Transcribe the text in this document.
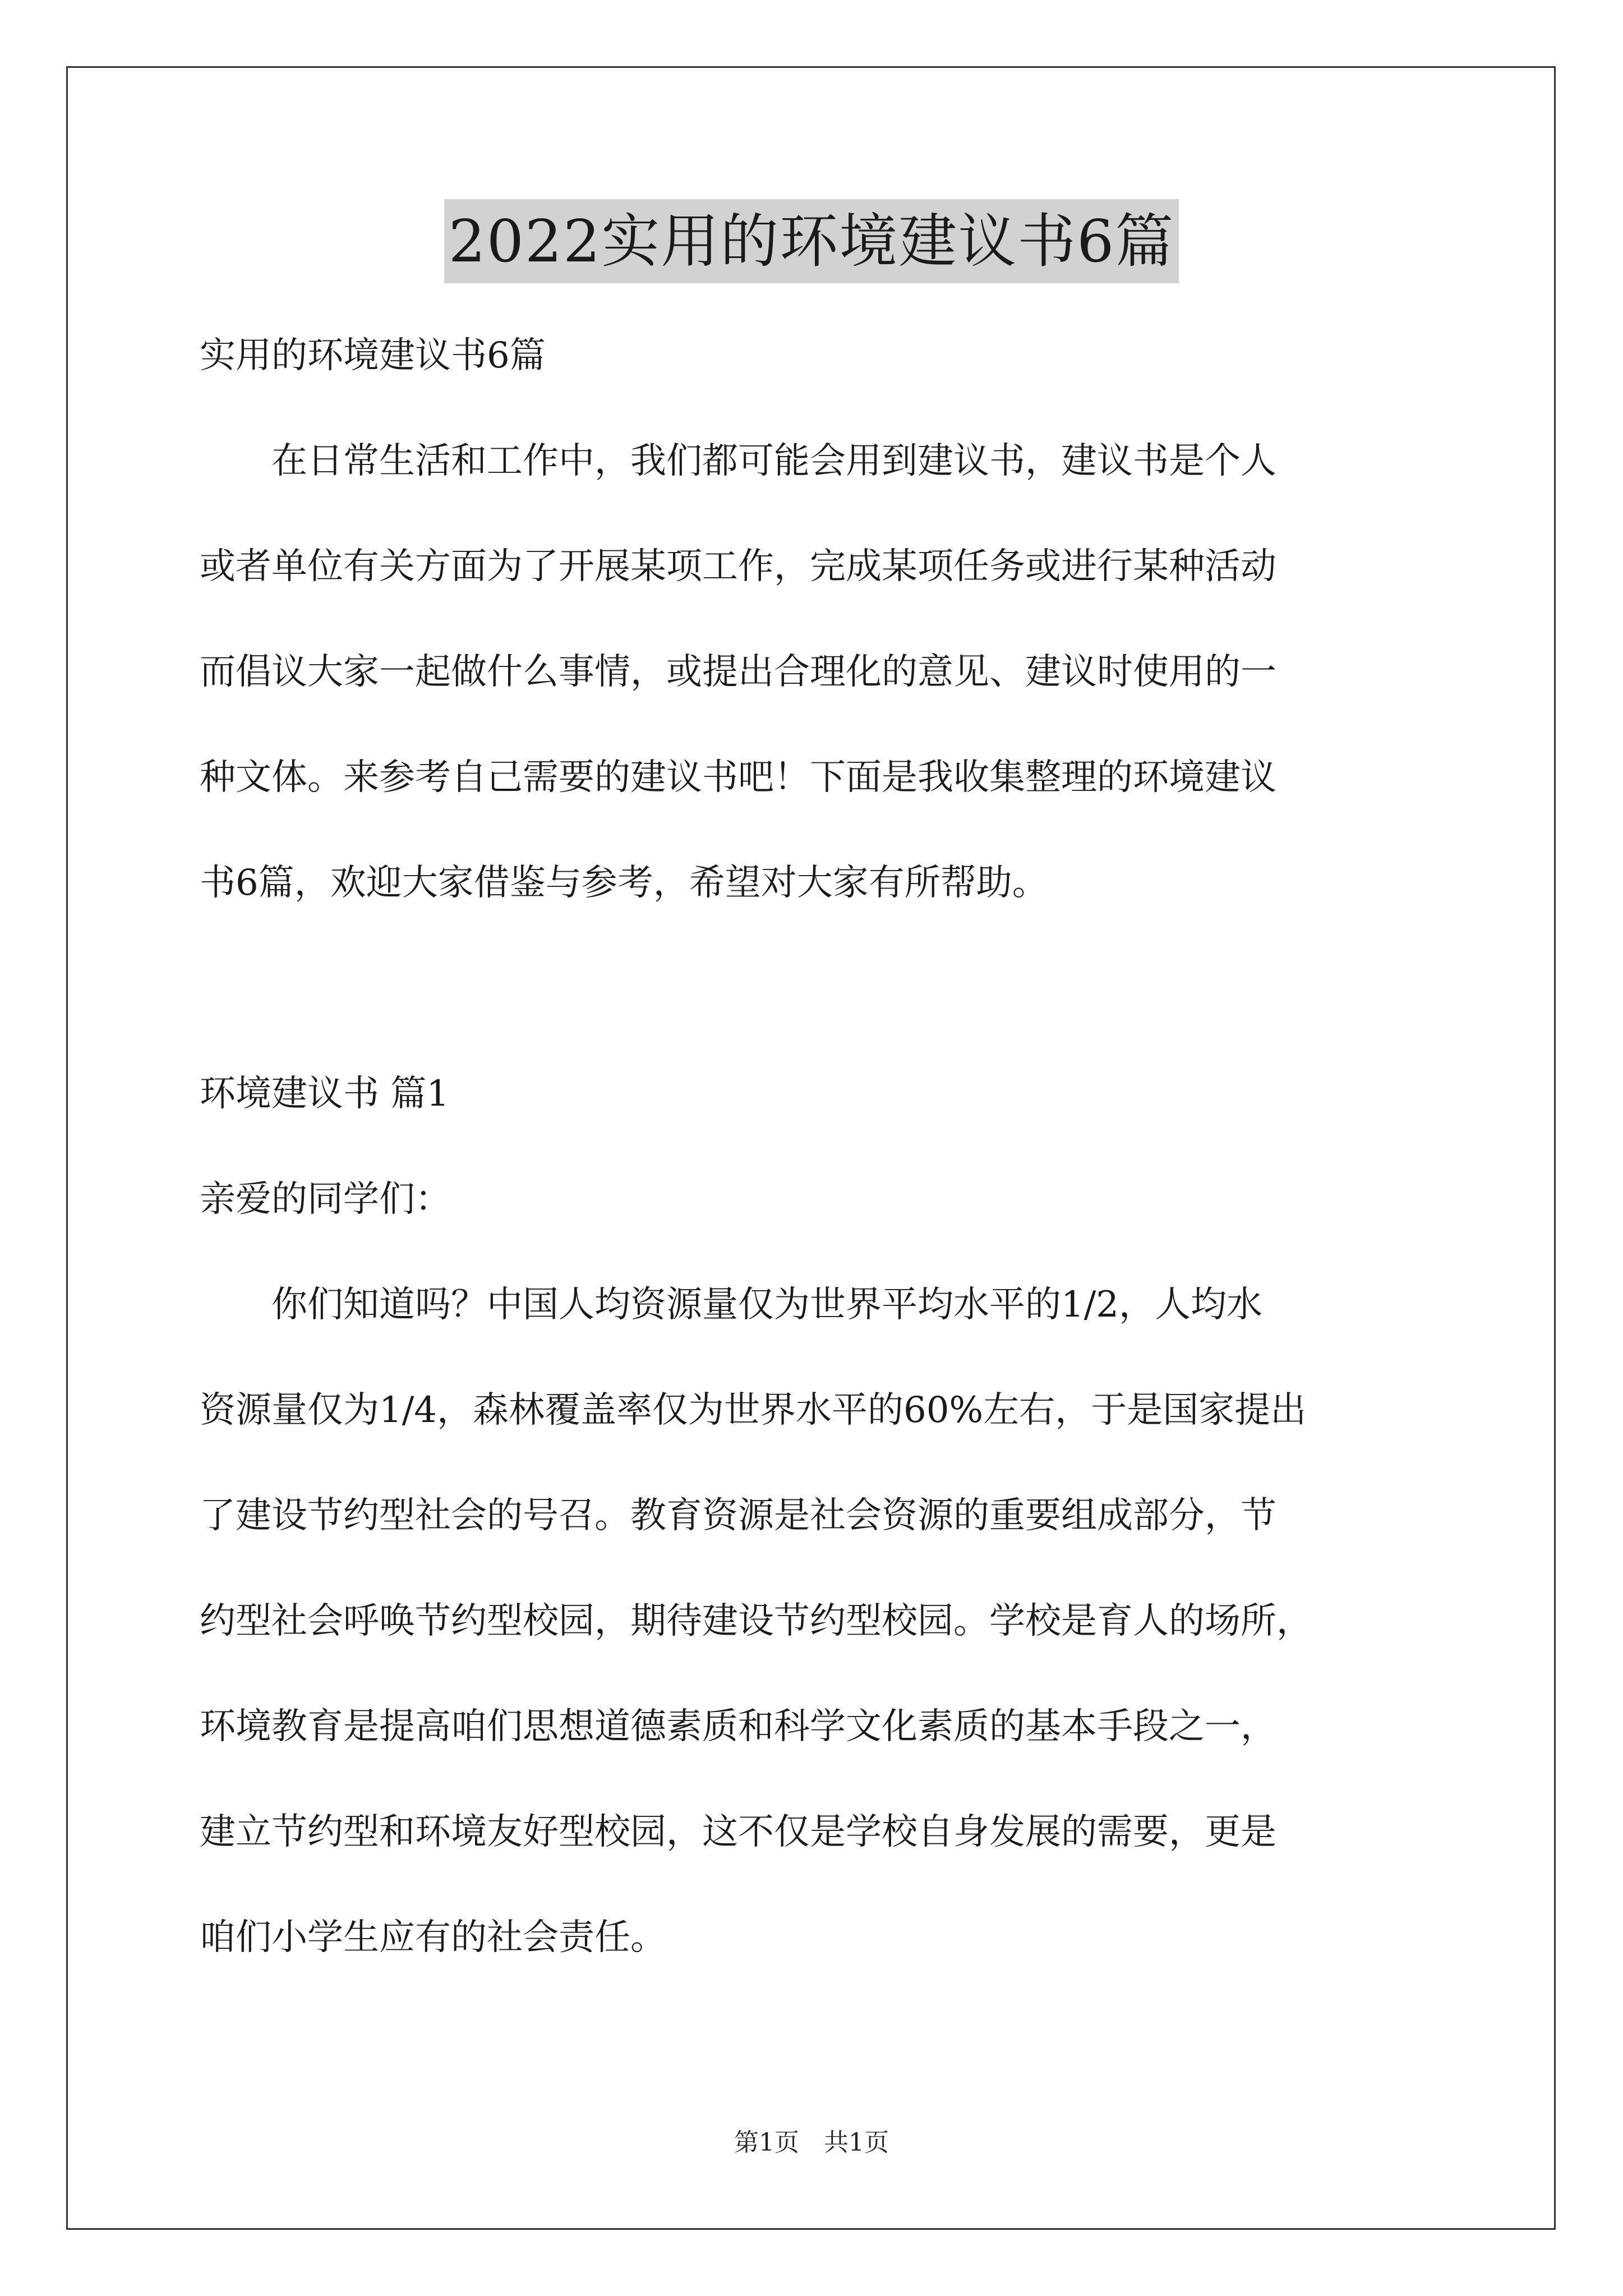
2022实用的环境建议书6篇

实用的环境建议书6篇

在日常生活和工作中，我们都可能会用到建议书，建议书是个人

或者单位有关方面为了开展某项工作，完成某项任务或进行某种活动

而倡议大家一起做什么事情，或提出合理化的意见、建议时使用的一

种文体。来参考自己需要的建议书吧！下面是我收集整理的环境建议

书6篇，欢迎大家借鉴与参考，希望对大家有所帮助。

环境建议书 篇1

亲爱的同学们：

你们知道吗？中国人均资源量仅为世界平均水平的1/2，人均水

资源量仅为1/4，森林覆盖率仅为世界水平的60%左右，于是国家提出

了建设节约型社会的号召。教育资源是社会资源的重要组成部分，节

约型社会呼唤节约型校园，期待建设节约型校园。学校是育人的场所，

环境教育是提高咱们思想道德素质和科学文化素质的基本手段之一，

建立节约型和环境友好型校园，这不仅是学校自身发展的需要，更是

咱们小学生应有的社会责任。

第1页　共1页
